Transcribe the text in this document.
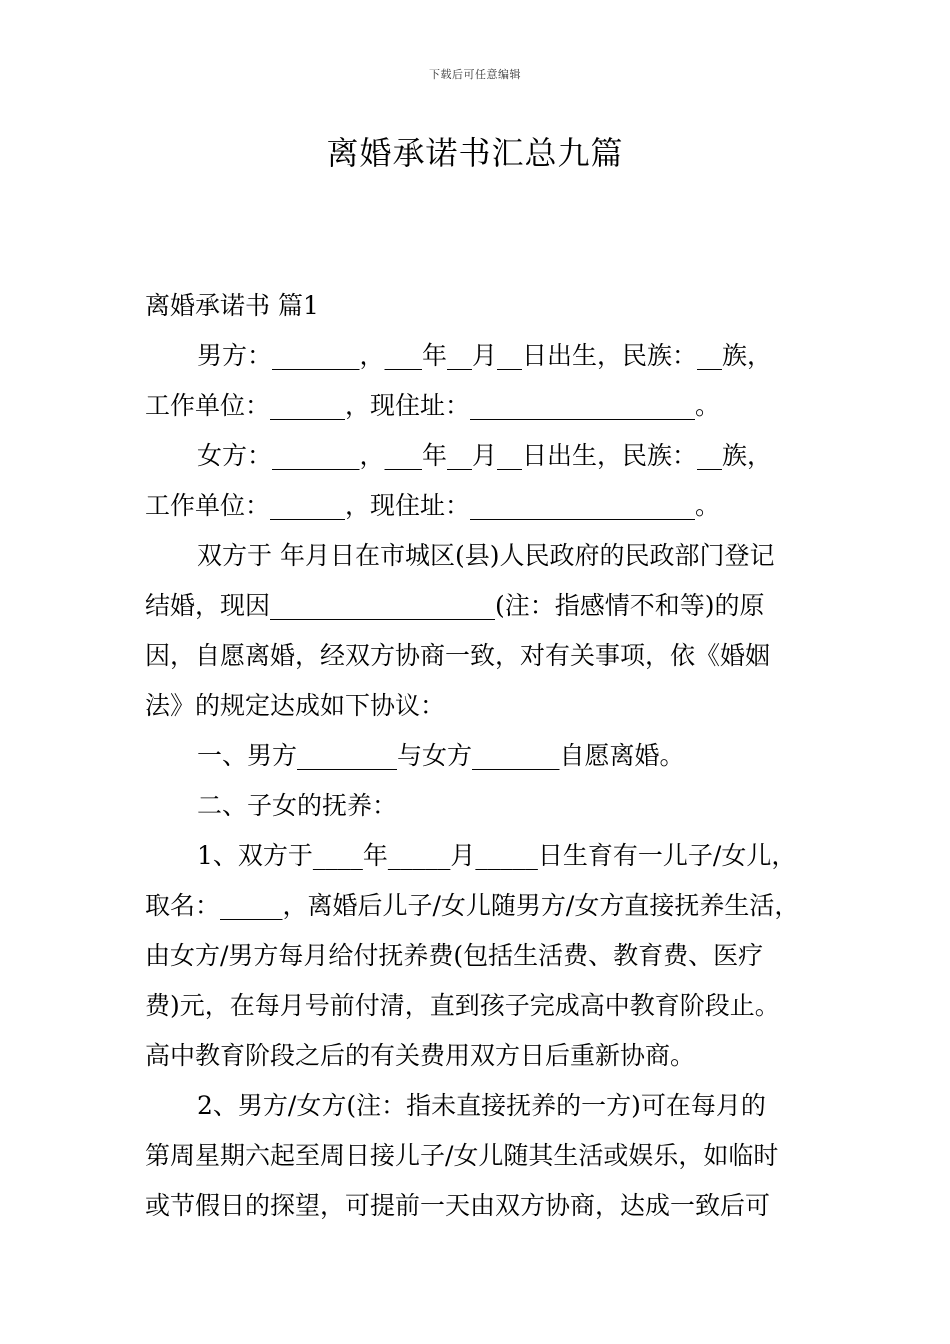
下载后可任意编辑
离婚承诺书汇总九篇
离婚承诺书 篇1
男方：_______，___年__月__日出生，民族：__族，
工作单位：______，现住址：__________________。
女方：_______，___年__月__日出生，民族：__族，
工作单位：______，现住址：__________________。
双方于 年月日在市城区(县)人民政府的民政部门登记
结婚，现因__________________(注：指感情不和等)的原
因，自愿离婚，经双方协商一致，对有关事项，依《婚姻
法》的规定达成如下协议：
一、男方________与女方_______自愿离婚。
二、子女的抚养：
1、双方于____年_____月_____日生育有一儿子/女儿，
取名：_____，离婚后儿子/女儿随男方/女方直接抚养生活，
由女方/男方每月给付抚养费(包括生活费、教育费、医疗
费)元，在每月号前付清，直到孩子完成高中教育阶段止。
高中教育阶段之后的有关费用双方日后重新协商。
2、男方/女方(注：指未直接抚养的一方)可在每月的
第周星期六起至周日接儿子/女儿随其生活或娱乐，如临时
或节假日的探望，可提前一天由双方协商，达成一致后可
